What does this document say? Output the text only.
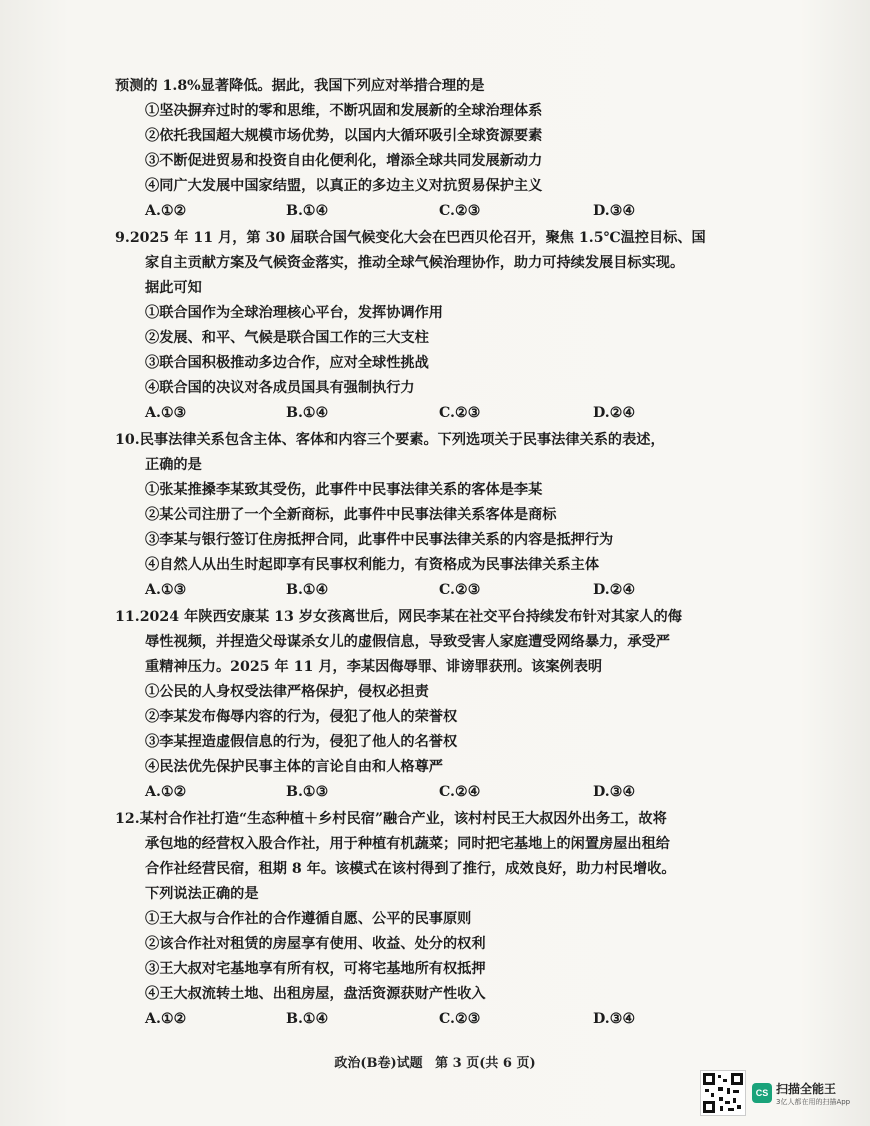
预测的 1.8%显著降低。据此，我国下列应对举措合理的是
①坚决摒弃过时的零和思维，不断巩固和发展新的全球治理体系
②依托我国超大规模市场优势，以国内大循环吸引全球资源要素
③不断促进贸易和投资自由化便利化，增添全球共同发展新动力
④同广大发展中国家结盟，以真正的多边主义对抗贸易保护主义
A.①②	B.①④	C.②③	D.③④
9.2025 年 11 月，第 30 届联合国气候变化大会在巴西贝伦召开，聚焦 1.5℃温控目标、国
家自主贡献方案及气候资金落实，推动全球气候治理协作，助力可持续发展目标实现。
据此可知
①联合国作为全球治理核心平台，发挥协调作用
②发展、和平、气候是联合国工作的三大支柱
③联合国积极推动多边合作，应对全球性挑战
④联合国的决议对各成员国具有强制执行力
A.①③	B.①④	C.②③	D.②④
10.民事法律关系包含主体、客体和内容三个要素。下列选项关于民事法律关系的表述，
正确的是
①张某推搡李某致其受伤，此事件中民事法律关系的客体是李某
②某公司注册了一个全新商标，此事件中民事法律关系客体是商标
③李某与银行签订住房抵押合同，此事件中民事法律关系的内容是抵押行为
④自然人从出生时起即享有民事权利能力，有资格成为民事法律关系主体
A.①③	B.①④	C.②③	D.②④
11.2024 年陕西安康某 13 岁女孩离世后，网民李某在社交平台持续发布针对其家人的侮
辱性视频，并捏造父母谋杀女儿的虚假信息，导致受害人家庭遭受网络暴力，承受严
重精神压力。2025 年 11 月，李某因侮辱罪、诽谤罪获刑。该案例表明
①公民的人身权受法律严格保护，侵权必担责
②李某发布侮辱内容的行为，侵犯了他人的荣誉权
③李某捏造虚假信息的行为，侵犯了他人的名誉权
④民法优先保护民事主体的言论自由和人格尊严
A.①②	B.①③	C.②④	D.③④
12.某村合作社打造“生态种植＋乡村民宿”融合产业，该村村民王大叔因外出务工，故将
承包地的经营权入股合作社，用于种植有机蔬菜；同时把宅基地上的闲置房屋出租给
合作社经营民宿，租期 8 年。该模式在该村得到了推行，成效良好，助力村民增收。
下列说法正确的是
①王大叔与合作社的合作遵循自愿、公平的民事原则
②该合作社对租赁的房屋享有使用、收益、处分的权利
③王大叔对宅基地享有所有权，可将宅基地所有权抵押
④王大叔流转土地、出租房屋，盘活资源获财产性收入
A.①②	B.①④	C.②③	D.③④
政治(B卷)试题 第 3 页(共 6 页)
CS 扫描全能王
3亿人都在用的扫描App
